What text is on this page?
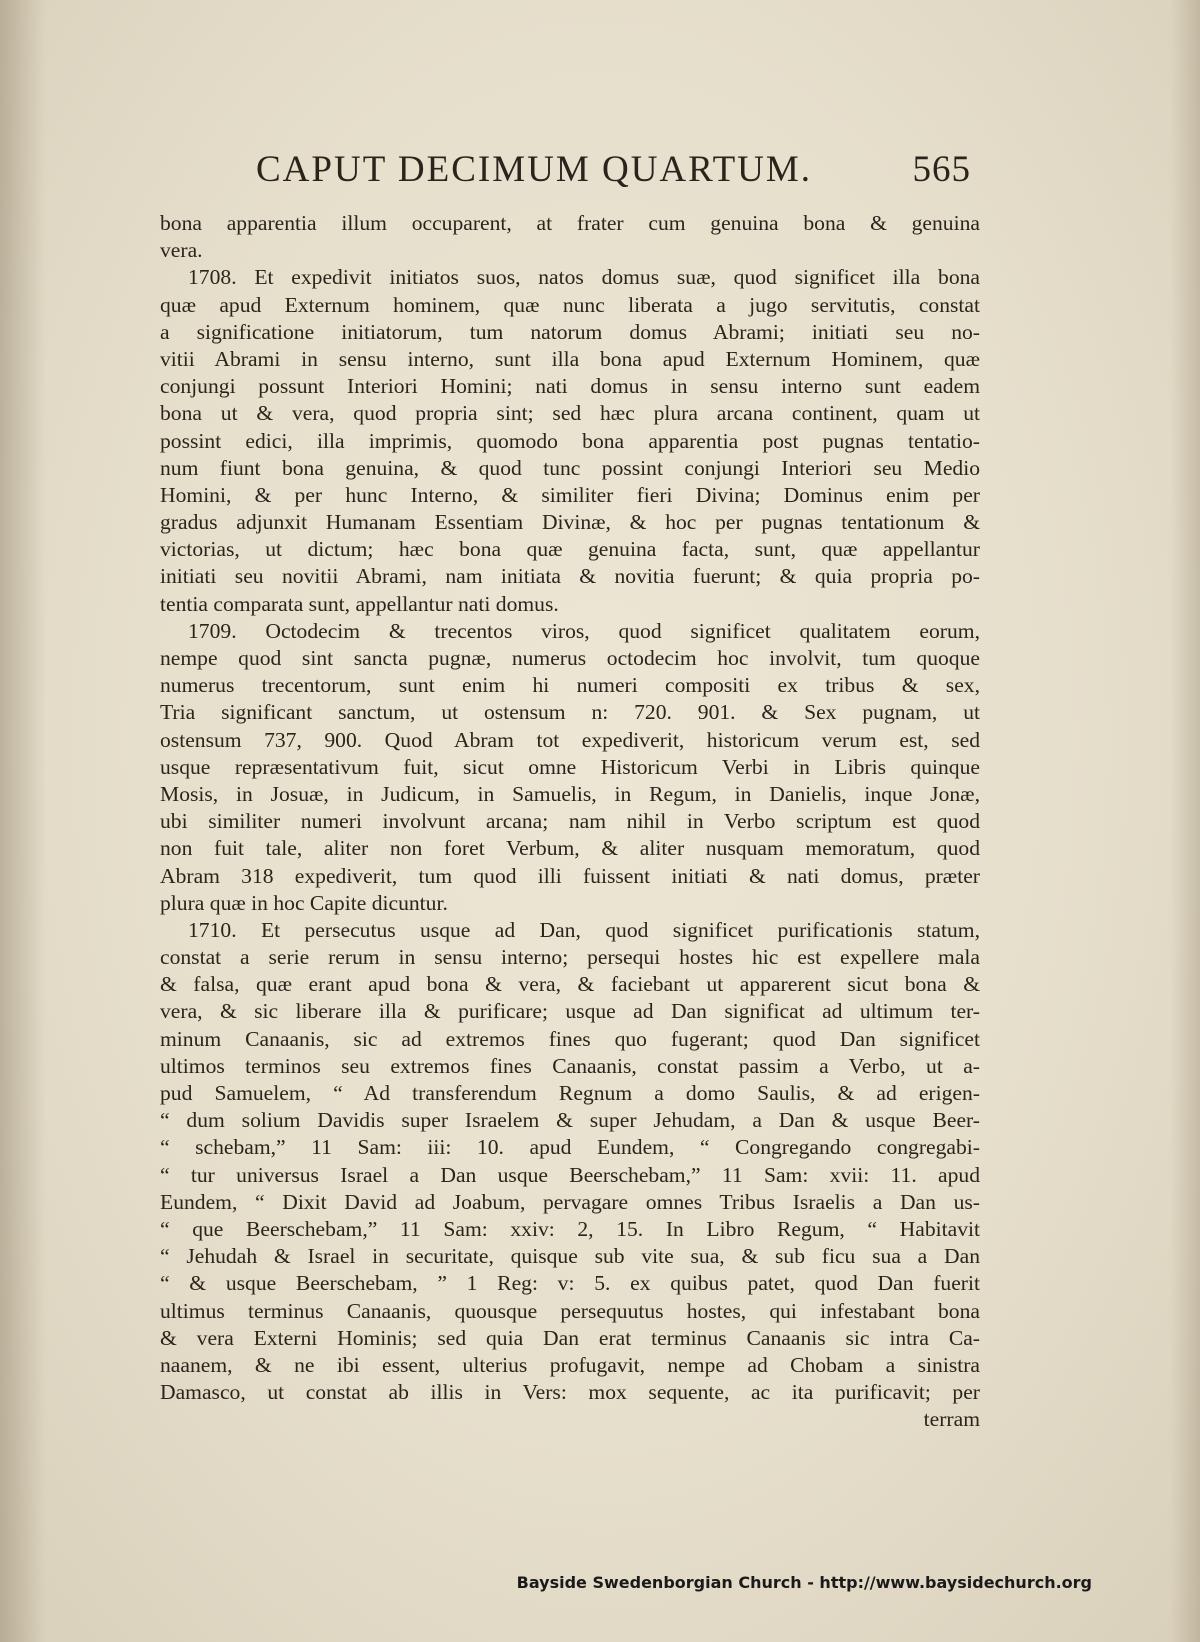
CAPUT DECIMUM QUARTUM.	565
bona apparentia illum occuparent, at frater cum genuina bona & genuina
vera.
1708. Et expedivit initiatos suos, natos domus suæ, quod significet illa bona
quæ apud Externum hominem, quæ nunc liberata a jugo servitutis, constat
a significatione initiatorum, tum natorum domus Abrami; initiati seu no-
vitii Abrami in sensu interno, sunt illa bona apud Externum Hominem, quæ
conjungi possunt Interiori Homini; nati domus in sensu interno sunt eadem
bona ut & vera, quod propria sint; sed hæc plura arcana continent, quam ut
possint edici, illa imprimis, quomodo bona apparentia post pugnas tentatio-
num fiunt bona genuina, & quod tunc possint conjungi Interiori seu Medio
Homini, & per hunc Interno, & similiter fieri Divina; Dominus enim per
gradus adjunxit Humanam Essentiam Divinæ, & hoc per pugnas tentationum &
victorias, ut dictum; hæc bona quæ genuina facta, sunt, quæ appellantur
initiati seu novitii Abrami, nam initiata & novitia fuerunt; & quia propria po-
tentia comparata sunt, appellantur nati domus.
1709. Octodecim & trecentos viros, quod significet qualitatem eorum,
nempe quod sint sancta pugnæ, numerus octodecim hoc involvit, tum quoque
numerus trecentorum, sunt enim hi numeri compositi ex tribus & sex,
Tria significant sanctum, ut ostensum n: 720. 901. & Sex pugnam, ut
ostensum 737, 900. Quod Abram tot expediverit, historicum verum est, sed
usque repræsentativum fuit, sicut omne Historicum Verbi in Libris quinque
Mosis, in Josuæ, in Judicum, in Samuelis, in Regum, in Danielis, inque Jonæ,
ubi similiter numeri involvunt arcana; nam nihil in Verbo scriptum est quod
non fuit tale, aliter non foret Verbum, & aliter nusquam memoratum, quod
Abram 318 expediverit, tum quod illi fuissent initiati & nati domus, præter
plura quæ in hoc Capite dicuntur.
1710. Et persecutus usque ad Dan, quod significet purificationis statum,
constat a serie rerum in sensu interno; persequi hostes hic est expellere mala
& falsa, quæ erant apud bona & vera, & faciebant ut apparerent sicut bona &
vera, & sic liberare illa & purificare; usque ad Dan significat ad ultimum ter-
minum Canaanis, sic ad extremos fines quo fugerant; quod Dan significet
ultimos terminos seu extremos fines Canaanis, constat passim a Verbo, ut a-
pud Samuelem, “ Ad transferendum Regnum a domo Saulis, & ad erigen-
“ dum solium Davidis super Israelem & super Jehudam, a Dan & usque Beer-
“ schebam,” 11 Sam: iii: 10. apud Eundem, “ Congregando congregabi-
“ tur universus Israel a Dan usque Beerschebam,” 11 Sam: xvii: 11. apud
Eundem, “ Dixit David ad Joabum, pervagare omnes Tribus Israelis a Dan us-
“ que Beerschebam,” 11 Sam: xxiv: 2, 15. In Libro Regum, “ Habitavit
“ Jehudah & Israel in securitate, quisque sub vite sua, & sub ficu sua a Dan
“ & usque Beerschebam, ” 1 Reg: v: 5. ex quibus patet, quod Dan fuerit
ultimus terminus Canaanis, quousque persequutus hostes, qui infestabant bona
& vera Externi Hominis; sed quia Dan erat terminus Canaanis sic intra Ca-
naanem, & ne ibi essent, ulterius profugavit, nempe ad Chobam a sinistra
Damasco, ut constat ab illis in Vers: mox sequente, ac ita purificavit; per
terram
Bayside Swedenborgian Church - http://www.baysidechurch.org
